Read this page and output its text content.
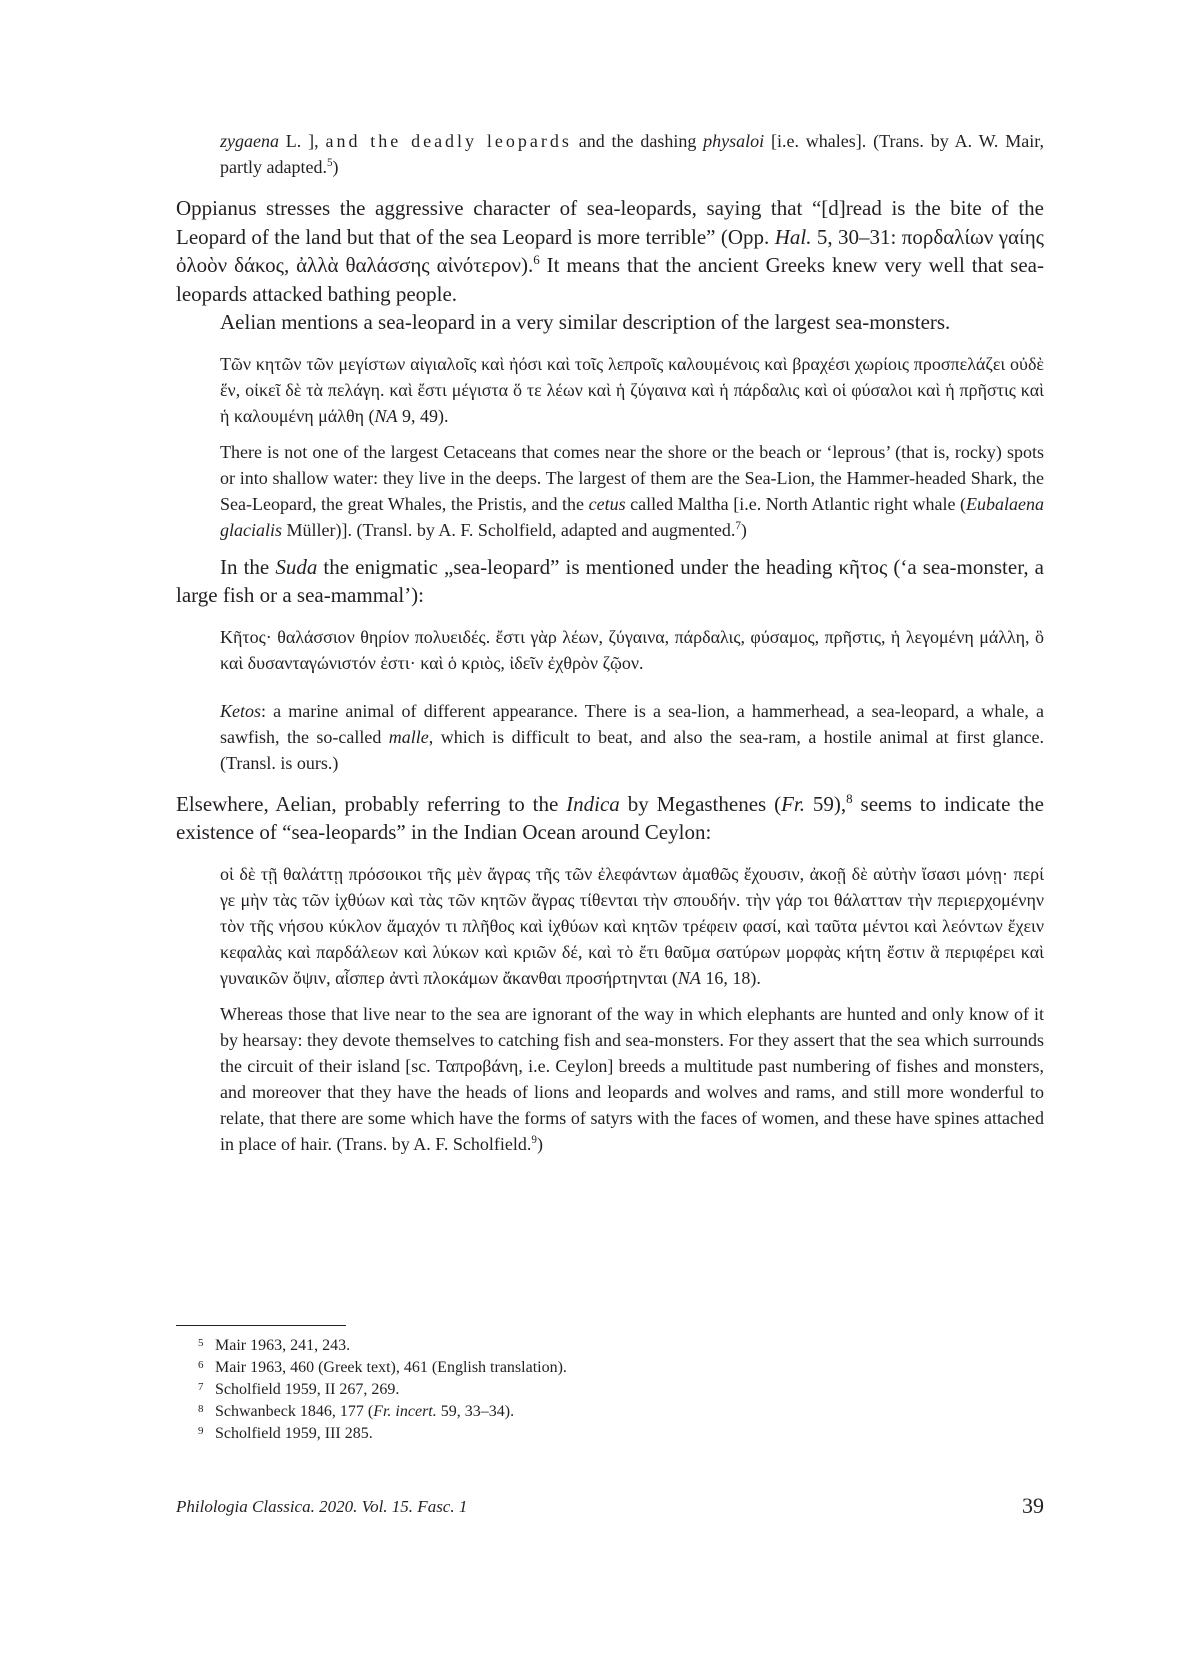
zygaena L. ], and the deadly leopards and the dashing physaloi [i.e. whales]. (Trans. by A. W. Mair, partly adapted.$^5$)

Oppianus stresses the aggressive character of sea-leopards, saying that “[d]read is the bite of the Leopard of the land but that of the sea Leopard is more terrible” (Opp. Hal. 5, 30–31: πορδαλίων γαίης ὀλοὸν δάκος, ἀλλὰ θαλάσσης αἰνότερον).$^6$ It means that the ancient Greeks knew very well that sea-leopards attacked bathing people.

Aelian mentions a sea-leopard in a very similar description of the largest sea-monsters.

Τῶν κητῶν τῶν μεγίστων αἰγιαλοῖς καὶ ἠόσι καὶ τοῖς λεπροῖς καλουμένοις καὶ βραχέσι χωρίοις προσπελάζει οὐδὲ ἕν, οἰκεῖ δὲ τὰ πελάγη. καὶ ἔστι μέγιστα ὅ τε λέων καὶ ἡ ζύγαινα καὶ ἡ πάρδαλις καὶ οἱ φύσαλοι καὶ ἡ πρῆστις καὶ ἡ καλουμένη μάλθη (NA 9, 49).

There is not one of the largest Cetaceans that comes near the shore or the beach or ‘leprous’ (that is, rocky) spots or into shallow water: they live in the deeps. The largest of them are the Sea-Lion, the Hammer-headed Shark, the Sea-Leopard, the great Whales, the Pristis, and the cetus called Maltha [i.e. North Atlantic right whale (Eubalaena glacialis Müller)]. (Transl. by A. F. Scholfield, adapted and augmented.$^7$)

In the Suda the enigmatic „sea-leopard” is mentioned under the heading κῆτος (‘a sea-monster, a large fish or a sea-mammal’):

Κῆτος· θαλάσσιον θηρίον πολυειδές. ἔστι γὰρ λέων, ζύγαινα, πάρδαλις, φύσαμος, πρῆστις, ἡ λεγομένη μάλλη, ὃ καὶ δυσανταγώνιστόν ἐστι· καὶ ὁ κριὸς, ἰδεῖν ἐχθρὸν ζῷον.

Ketos: a marine animal of different appearance. There is a sea-lion, a hammerhead, a sea-leopard, a whale, a sawfish, the so-called malle, which is difficult to beat, and also the sea-ram, a hostile animal at first glance. (Transl. is ours.)

Elsewhere, Aelian, probably referring to the Indica by Megasthenes (Fr. 59),$^8$ seems to indicate the existence of “sea-leopards” in the Indian Ocean around Ceylon:

οἱ δὲ τῇ θαλάττῃ πρόσοικοι τῆς μὲν ἄγρας τῆς τῶν ἐλεφάντων ἀμαθῶς ἔχουσιν, ἀκοῇ δὲ αὐτὴν ἴσασι μόνῃ· περί γε μὴν τὰς τῶν ἰχθύων καὶ τὰς τῶν κητῶν ἄγρας τίθενται τὴν σπουδήν. τὴν γάρ τοι θάλατταν τὴν περιερχομένην τὸν τῆς νήσου κύκλον ἄμαχόν τι πλῆθος καὶ ἰχθύων καὶ κητῶν τρέφειν φασί, καὶ ταῦτα μέντοι καὶ λεόντων ἔχειν κεφαλὰς καὶ παρδάλεων καὶ λύκων καὶ κριῶν δέ, καὶ τὸ ἔτι θαῦμα σατύρων μορφὰς κήτη ἔστιν ἃ περιφέρει καὶ γυναικῶν ὄψιν, αἷσπερ ἀντὶ πλοκάμων ἄκανθαι προσήρτηνται (NA 16, 18).

Whereas those that live near to the sea are ignorant of the way in which elephants are hunted and only know of it by hearsay: they devote themselves to catching fish and sea-monsters. For they assert that the sea which surrounds the circuit of their island [sc. Ταπροβάνη, i.e. Ceylon] breeds a multitude past numbering of fishes and monsters, and moreover that they have the heads of lions and leopards and wolves and rams, and still more wonderful to relate, that there are some which have the forms of satyrs with the faces of women, and these have spines attached in place of hair. (Trans. by A. F. Scholfield.$^9$)

5 Mair 1963, 241, 243.
6 Mair 1963, 460 (Greek text), 461 (English translation).
7 Scholfield 1959, II 267, 269.
8 Schwanbeck 1846, 177 (Fr. incert. 59, 33–34).
9 Scholfield 1959, III 285.
Philologia Classica. 2020. Vol. 15. Fasc. 1	39
